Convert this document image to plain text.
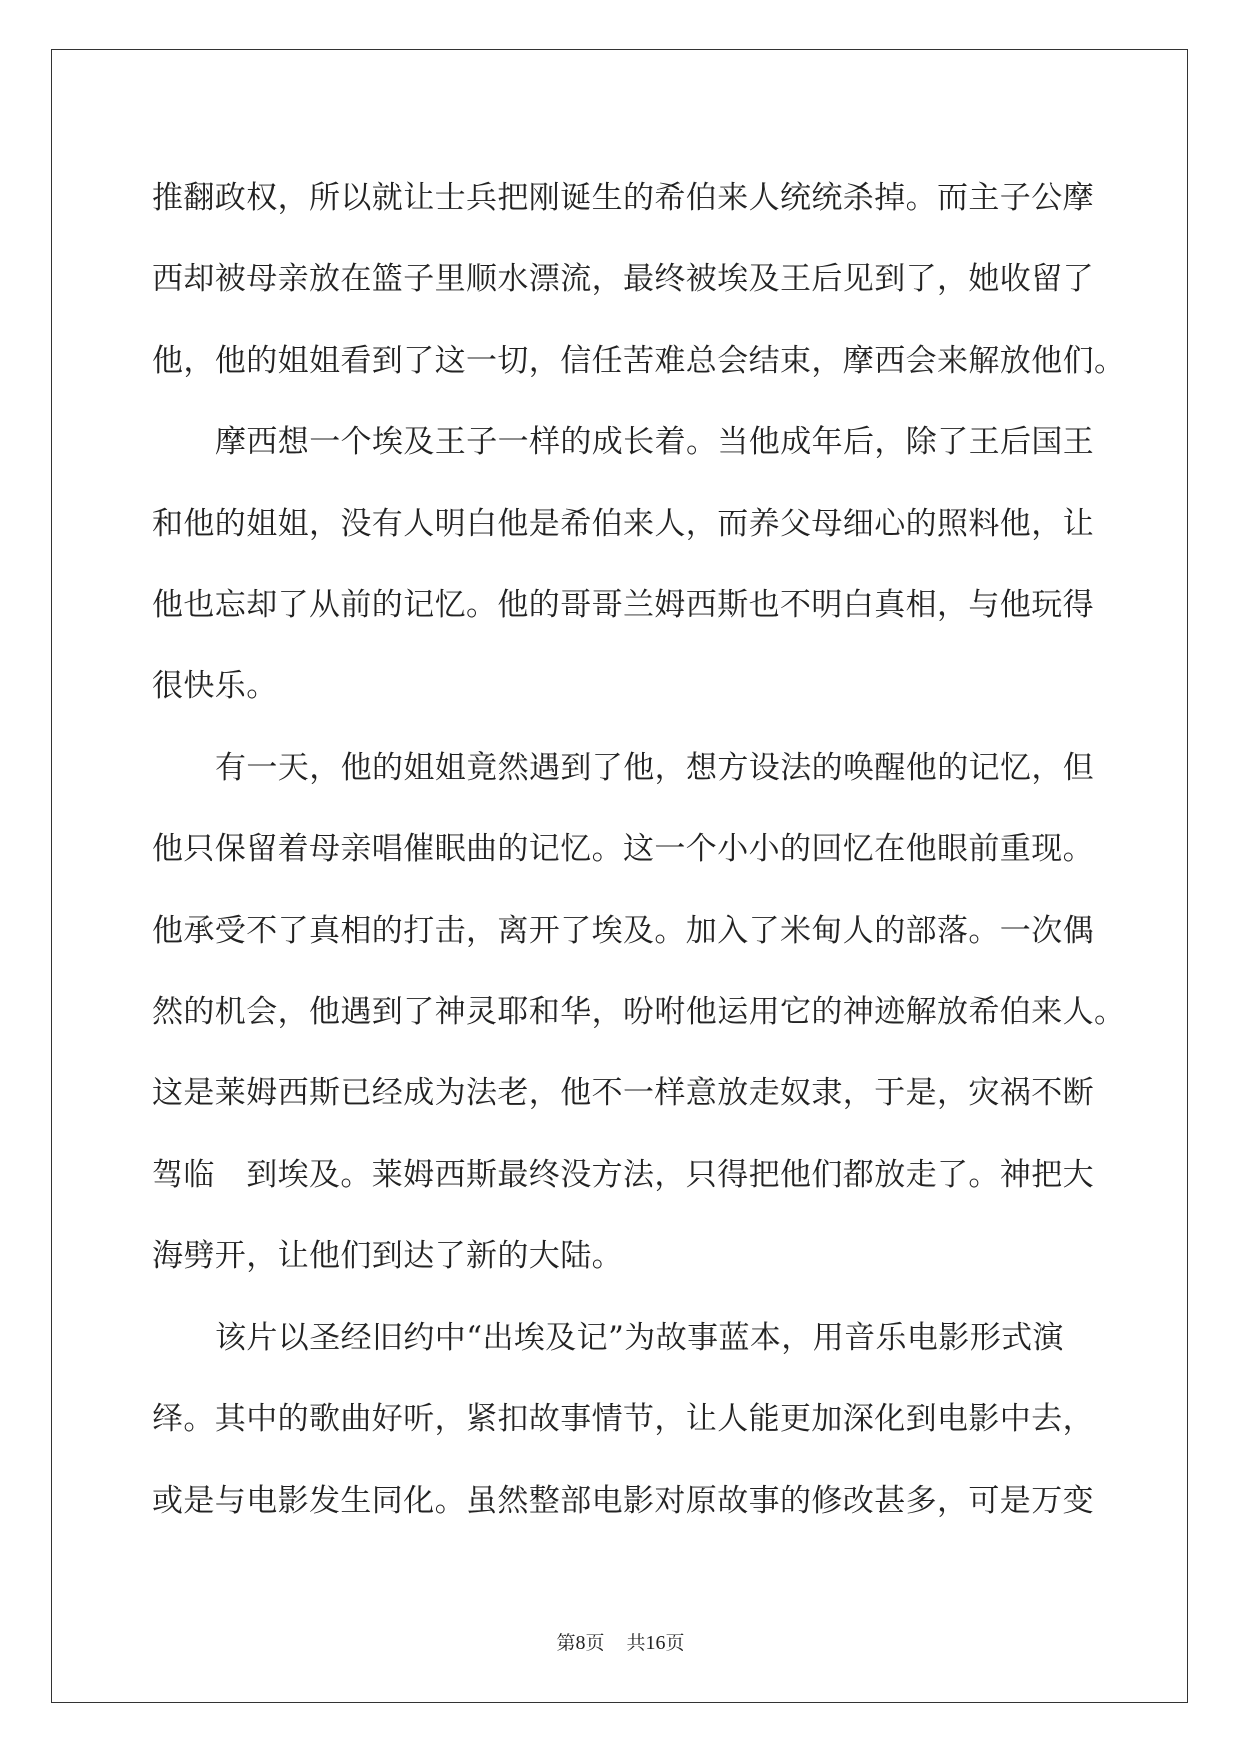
推翻政权，所以就让士兵把刚诞生的希伯来人统统杀掉。而主子公摩

西却被母亲放在篮子里顺水漂流，最终被埃及王后见到了，她收留了

他，他的姐姐看到了这一切，信任苦难总会结束，摩西会来解放他们。

摩西想一个埃及王子一样的成长着。当他成年后，除了王后国王

和他的姐姐，没有人明白他是希伯来人，而养父母细心的照料他，让

他也忘却了从前的记忆。他的哥哥兰姆西斯也不明白真相，与他玩得

很快乐。

有一天，他的姐姐竟然遇到了他，想方设法的唤醒他的记忆，但

他只保留着母亲唱催眠曲的记忆。这一个小小的回忆在他眼前重现。

他承受不了真相的打击，离开了埃及。加入了米甸人的部落。一次偶

然的机会，他遇到了神灵耶和华，吩咐他运用它的神迹解放希伯来人。

这是莱姆西斯已经成为法老，他不一样意放走奴隶，于是，灾祸不断

驾临　到埃及。莱姆西斯最终没方法，只得把他们都放走了。神把大

海劈开，让他们到达了新的大陆。

该片以圣经旧约中“出埃及记”为故事蓝本，用音乐电影形式演

绎。其中的歌曲好听，紧扣故事情节，让人能更加深化到电影中去，

或是与电影发生同化。虽然整部电影对原故事的修改甚多，可是万变

第8页 共16页
